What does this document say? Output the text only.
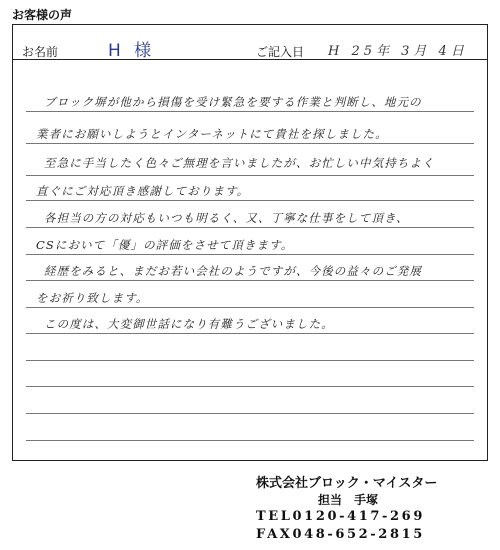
お客様の声
お名前	H 様	ご記入日 H 25年 3月 4日
ブロック塀が他から損傷を受け緊急を要する作業と判断し、地元の
業者にお願いしようとインターネットにて貴社を探しました。
至急に手当したく色々ご無理を言いましたが、お忙しい中気持ちよく
直ぐにご対応頂き感謝しております。
各担当の方の対応もいつも明るく、又、丁寧な仕事をして頂き、
CSにおいて「優」の評価をさせて頂きます。
経歴をみると、まだお若い会社のようですが、今後の益々のご発展
をお祈り致します。
この度は、大変御世話になり有難うございました。
株式会社ブロック・マイスター
担当　手塚
TEL0120-417-269
FAX048-652-2815
